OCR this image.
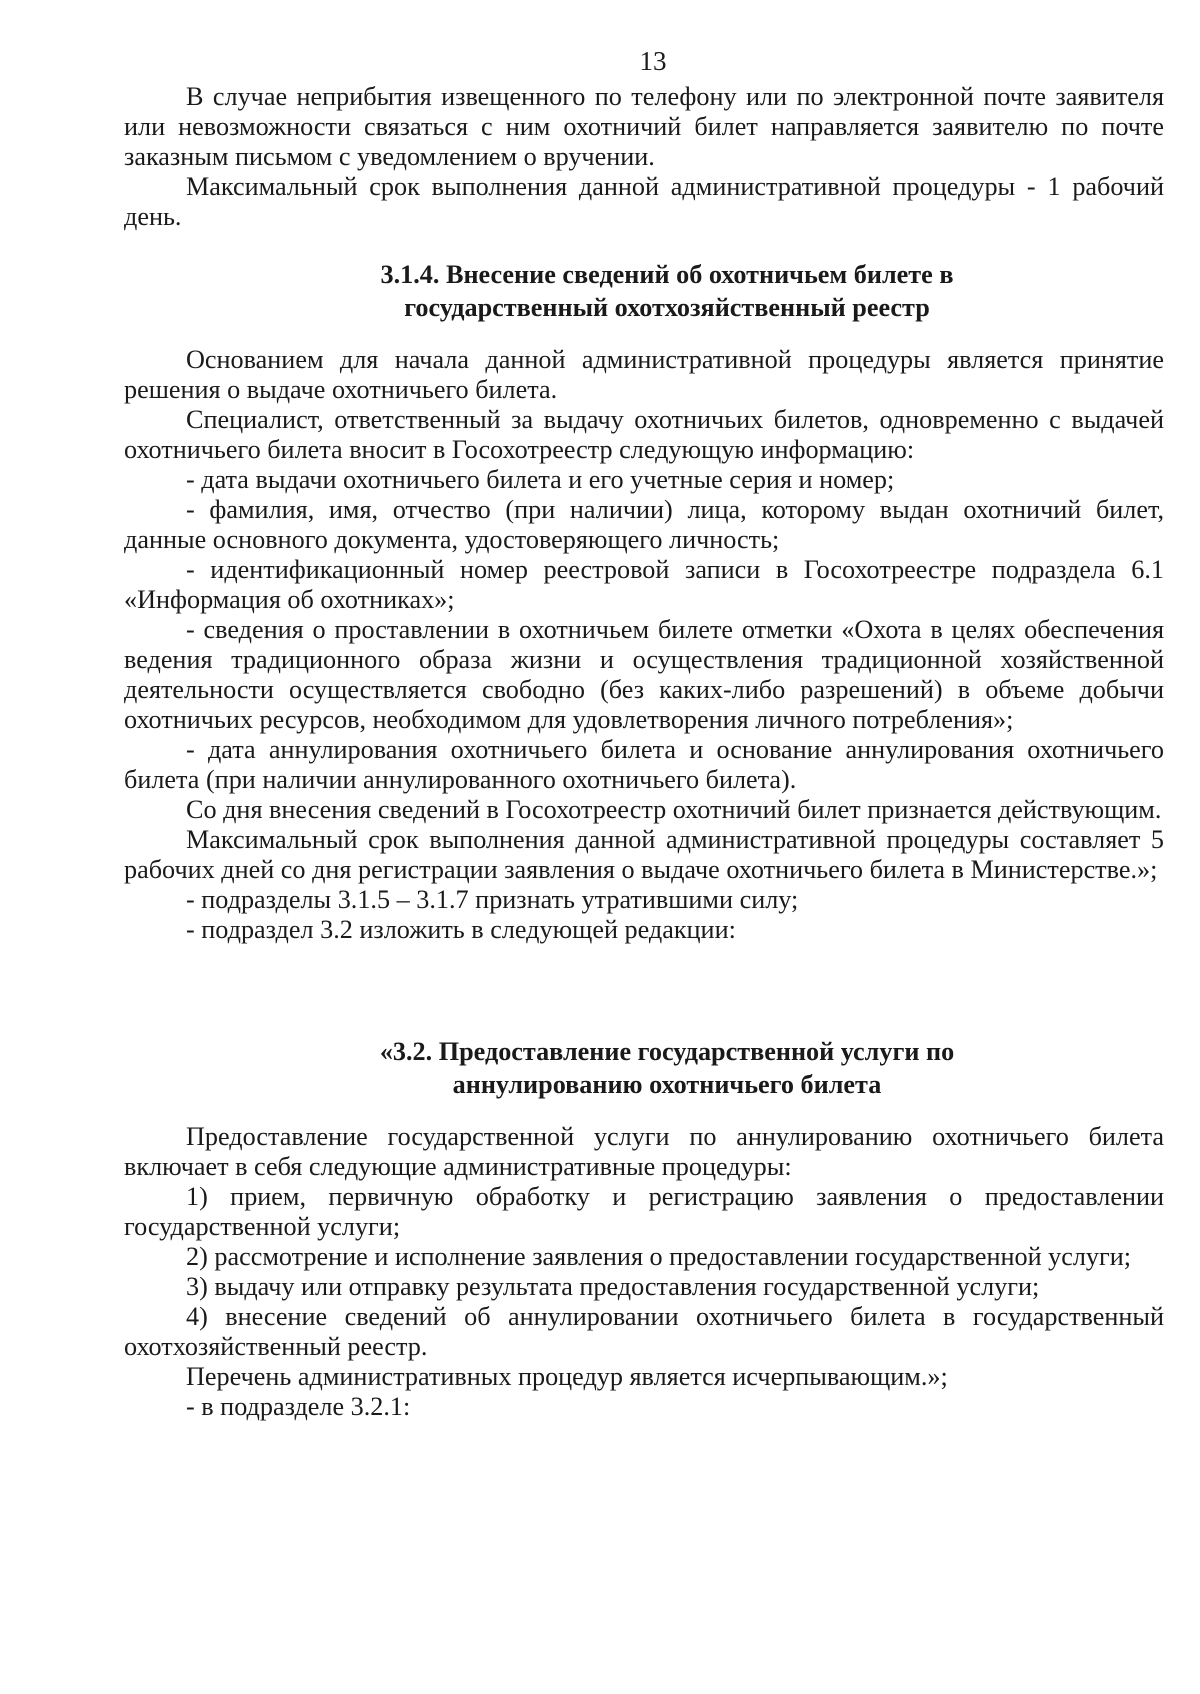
13

В случае неприбытия извещенного по телефону или по электронной почте заявителя или невозможности связаться с ним охотничий билет направляется заявителю по почте заказным письмом с уведомлением о вручении.

Максимальный срок выполнения данной административной процедуры - 1 рабочий день.

3.1.4. Внесение сведений об охотничьем билете в
государственный охотхозяйственный реестр

Основанием для начала данной административной процедуры является принятие решения о выдаче охотничьего билета.

Специалист, ответственный за выдачу охотничьих билетов, одновременно с выдачей охотничьего билета вносит в Госохотреестр следующую информацию:

- дата выдачи охотничьего билета и его учетные серия и номер;

- фамилия, имя, отчество (при наличии) лица, которому выдан охотничий билет, данные основного документа, удостоверяющего личность;

- идентификационный номер реестровой записи в Госохотреестре подраздела 6.1 «Информация об охотниках»;

- сведения о проставлении в охотничьем билете отметки «Охота в целях обеспечения ведения традиционного образа жизни и осуществления традиционной хозяйственной деятельности осуществляется свободно (без каких-либо разрешений) в объеме добычи охотничьих ресурсов, необходимом для удовлетворения личного потребления»;

- дата аннулирования охотничьего билета и основание аннулирования охотничьего билета (при наличии аннулированного охотничьего билета).

Со дня внесения сведений в Госохотреестр охотничий билет признается действующим.

Максимальный срок выполнения данной административной процедуры составляет 5 рабочих дней со дня регистрации заявления о выдаче охотничьего билета в Министерстве.»;

- подразделы 3.1.5 – 3.1.7 признать утратившими силу;

- подраздел 3.2 изложить в следующей редакции:

«3.2. Предоставление государственной услуги по
аннулированию охотничьего билета

Предоставление государственной услуги по аннулированию охотничьего билета включает в себя следующие административные процедуры:

1) прием, первичную обработку и регистрацию заявления о предоставлении государственной услуги;

2) рассмотрение и исполнение заявления о предоставлении государственной услуги;

3) выдачу или отправку результата предоставления государственной услуги;

4) внесение сведений об аннулировании охотничьего билета в государственный охотхозяйственный реестр.

Перечень административных процедур является исчерпывающим.»;

- в подразделе 3.2.1:
